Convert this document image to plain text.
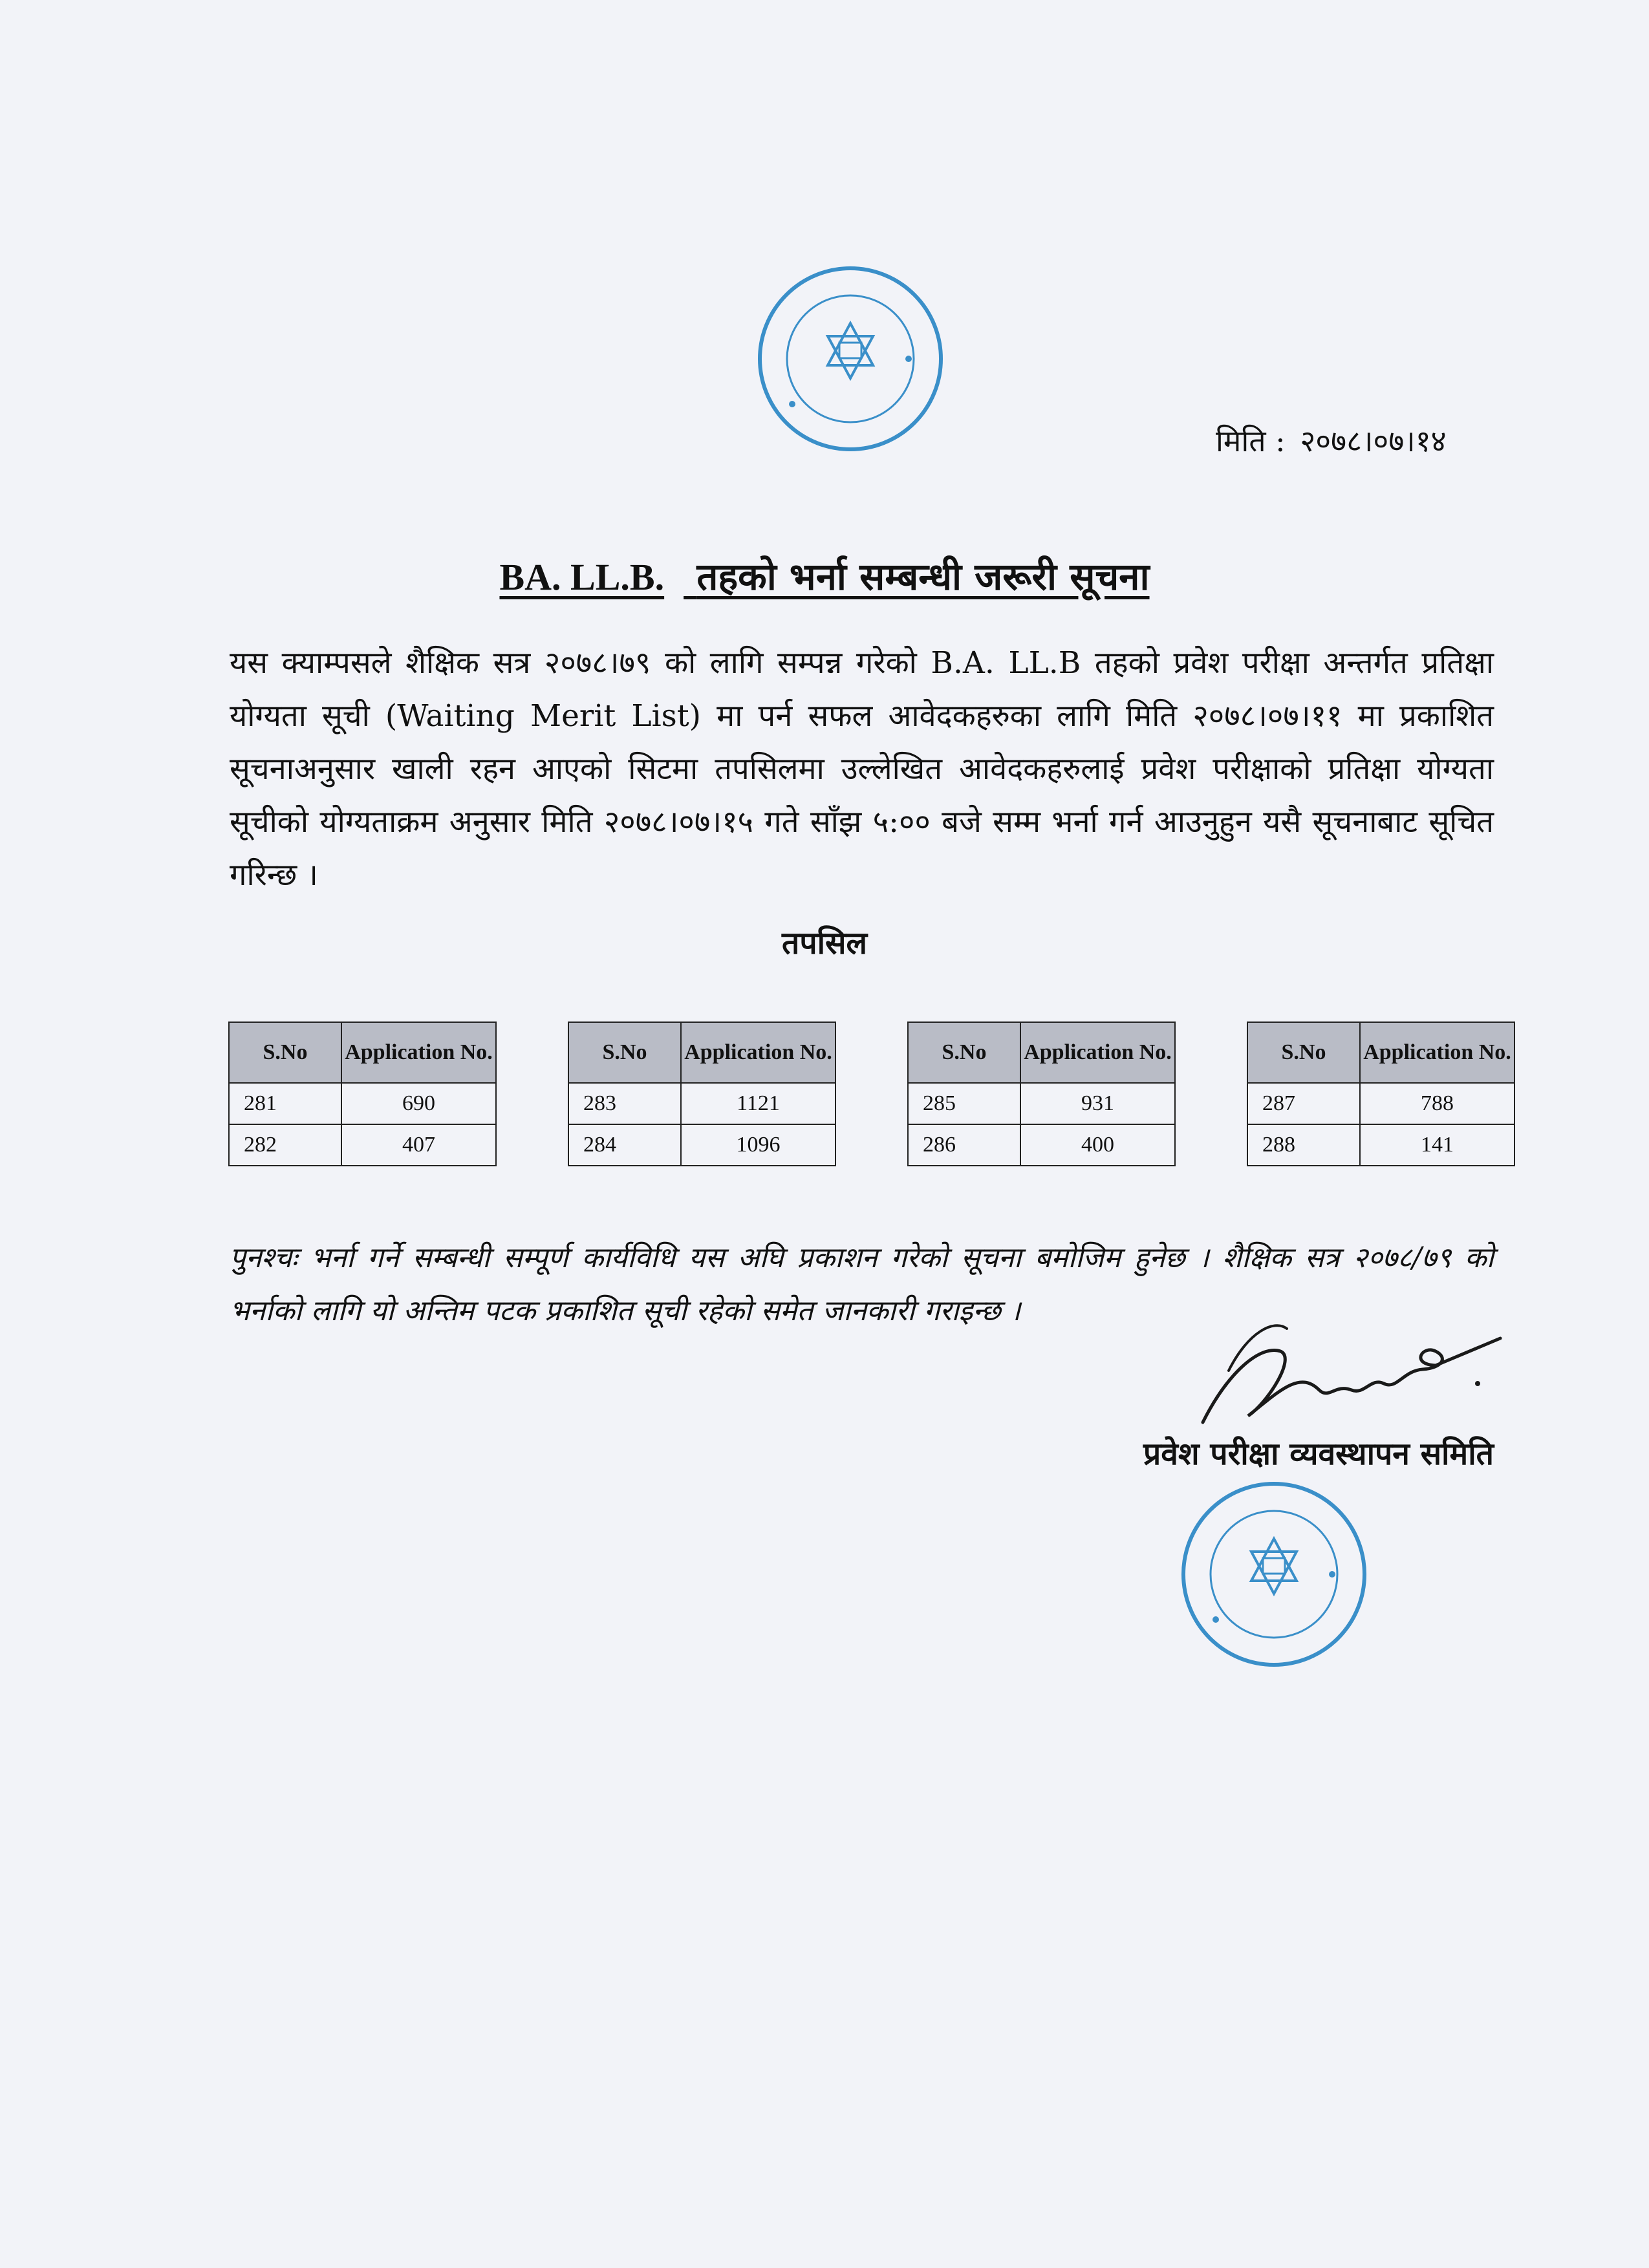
मिति : २०७८।०७।१४
BA. LL.B. तहको भर्ना सम्बन्धी जरूरी सूचना
यस क्याम्पसले शैक्षिक सत्र २०७८।७९ को लागि सम्पन्न गरेको B.A. LL.B तहको प्रवेश परीक्षा अन्तर्गत प्रतिक्षा योग्यता सूची (Waiting Merit List) मा पर्न सफल आवेदकहरुका लागि मिति २०७८।०७।११ मा प्रकाशित सूचनाअनुसार खाली रहन आएको सिटमा तपसिलमा उल्लेखित आवेदकहरुलाई प्रवेश परीक्षाको प्रतिक्षा योग्यता सूचीको योग्यताक्रम अनुसार मिति २०७८।०७।१५ गते साँझ ५:०० बजे सम्म भर्ना गर्न आउनुहुन यसै सूचनाबाट सूचित गरिन्छ ।
तपसिल
S.No	Application No.
281	690
282	407
S.No	Application No.
283	1121
284	1096
S.No	Application No.
285	931
286	400
S.No	Application No.
287	788
288	141
पुनश्चः भर्ना गर्ने सम्बन्धी सम्पूर्ण कार्यविधि यस अघि प्रकाशन गरेको सूचना बमोजिम हुनेछ । शैक्षिक सत्र २०७८/७९ को भर्नाको लागि यो अन्तिम पटक प्रकाशित सूची रहेको समेत जानकारी गराइन्छ ।
प्रवेश परीक्षा व्यवस्थापन समिति
